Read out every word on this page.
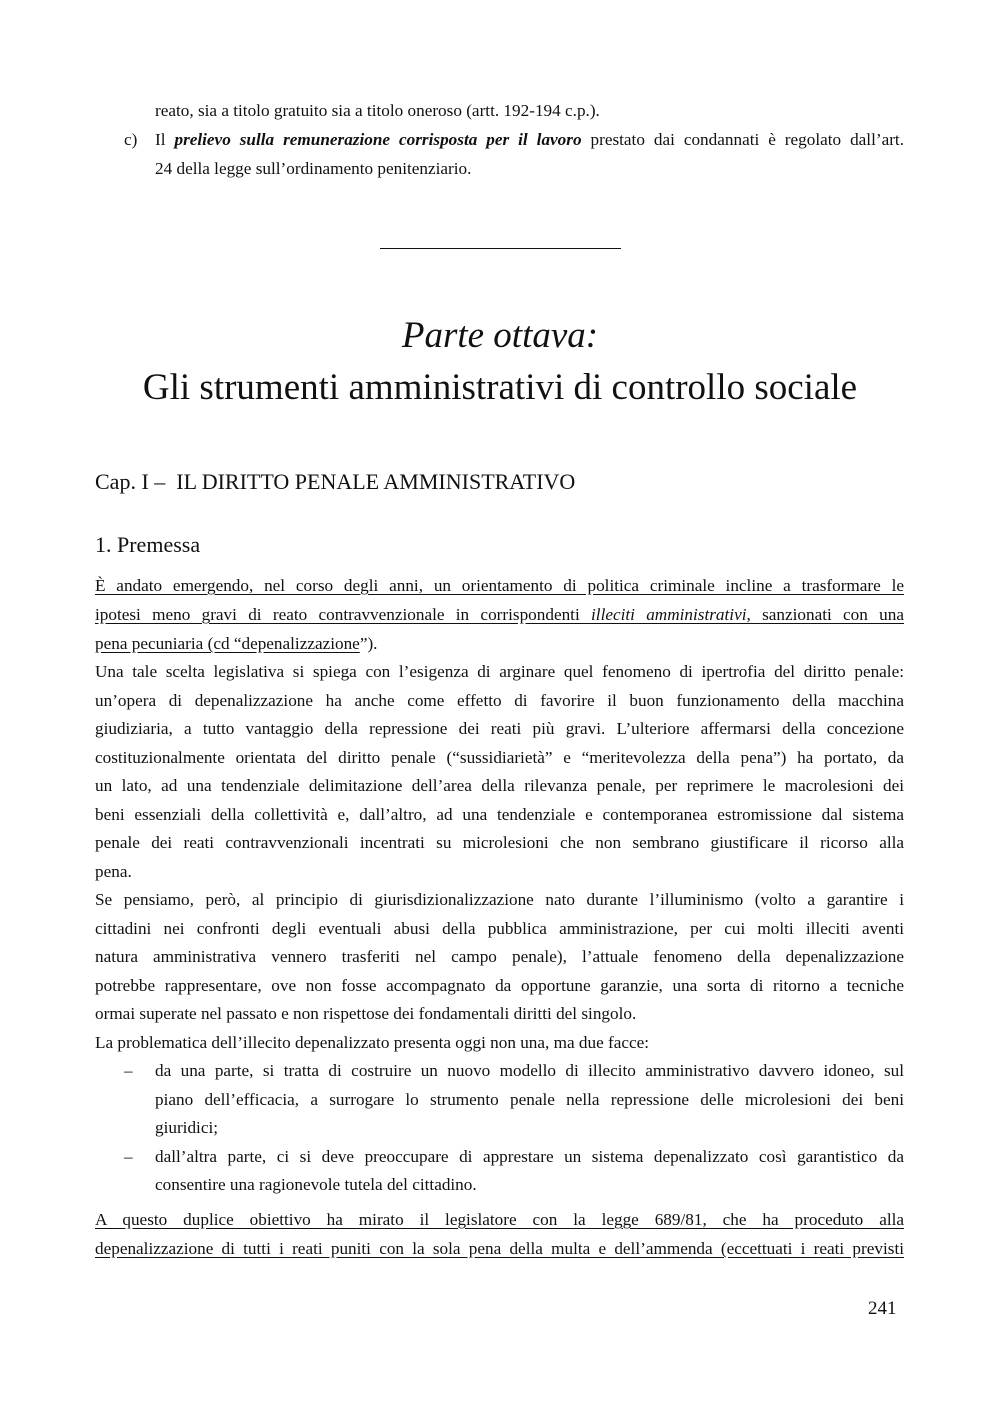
reato, sia a titolo gratuito sia a titolo oneroso (artt. 192-194 c.p.).
c) Il prelievo sulla remunerazione corrisposta per il lavoro prestato dai condannati è regolato dall’art.
24 della legge sull’ordinamento penitenziario.
Parte ottava:
Gli strumenti amministrativi di controllo sociale
Cap. I –  IL DIRITTO PENALE AMMINISTRATIVO
1. Premessa
È andato emergendo, nel corso degli anni, un orientamento di politica criminale incline a trasformare le
ipotesi meno gravi di reato contravvenzionale in corrispondenti illeciti amministrativi, sanzionati con una
pena pecuniaria (cd “depenalizzazione”).
Una tale scelta legislativa si spiega con l’esigenza di arginare quel fenomeno di ipertrofia del diritto penale:
un’opera di depenalizzazione ha anche come effetto di favorire il buon funzionamento della macchina
giudiziaria, a tutto vantaggio della repressione dei reati più gravi. L’ulteriore affermarsi della concezione
costituzionalmente orientata del diritto penale (“sussidiarietà” e “meritevolezza della pena”) ha portato, da
un lato, ad una tendenziale delimitazione dell’area della rilevanza penale, per reprimere le macrolesioni dei
beni essenziali della collettività e, dall’altro, ad una tendenziale e contemporanea estromissione dal sistema
penale dei reati contravvenzionali incentrati su microlesioni che non sembrano giustificare il ricorso alla
pena.
Se pensiamo, però, al principio di giurisdizionalizzazione nato durante l’illuminismo (volto a garantire i
cittadini nei confronti degli eventuali abusi della pubblica amministrazione, per cui molti illeciti aventi
natura amministrativa vennero trasferiti nel campo penale), l’attuale fenomeno della depenalizzazione
potrebbe rappresentare, ove non fosse accompagnato da opportune garanzie, una sorta di ritorno a tecniche
ormai superate nel passato e non rispettose dei fondamentali diritti del singolo.
La problematica dell’illecito depenalizzato presenta oggi non una, ma due facce:
– da una parte, si tratta di costruire un nuovo modello di illecito amministrativo davvero idoneo, sul
piano dell’efficacia, a surrogare lo strumento penale nella repressione delle microlesioni dei beni
giuridici;
– dall’altra parte, ci si deve preoccupare di apprestare un sistema depenalizzato così garantistico da
consentire una ragionevole tutela del cittadino.
A questo duplice obiettivo ha mirato il legislatore con la legge 689/81, che ha proceduto alla
depenalizzazione di tutti i reati puniti con la sola pena della multa e dell’ammenda (eccettuati i reati previsti
241
